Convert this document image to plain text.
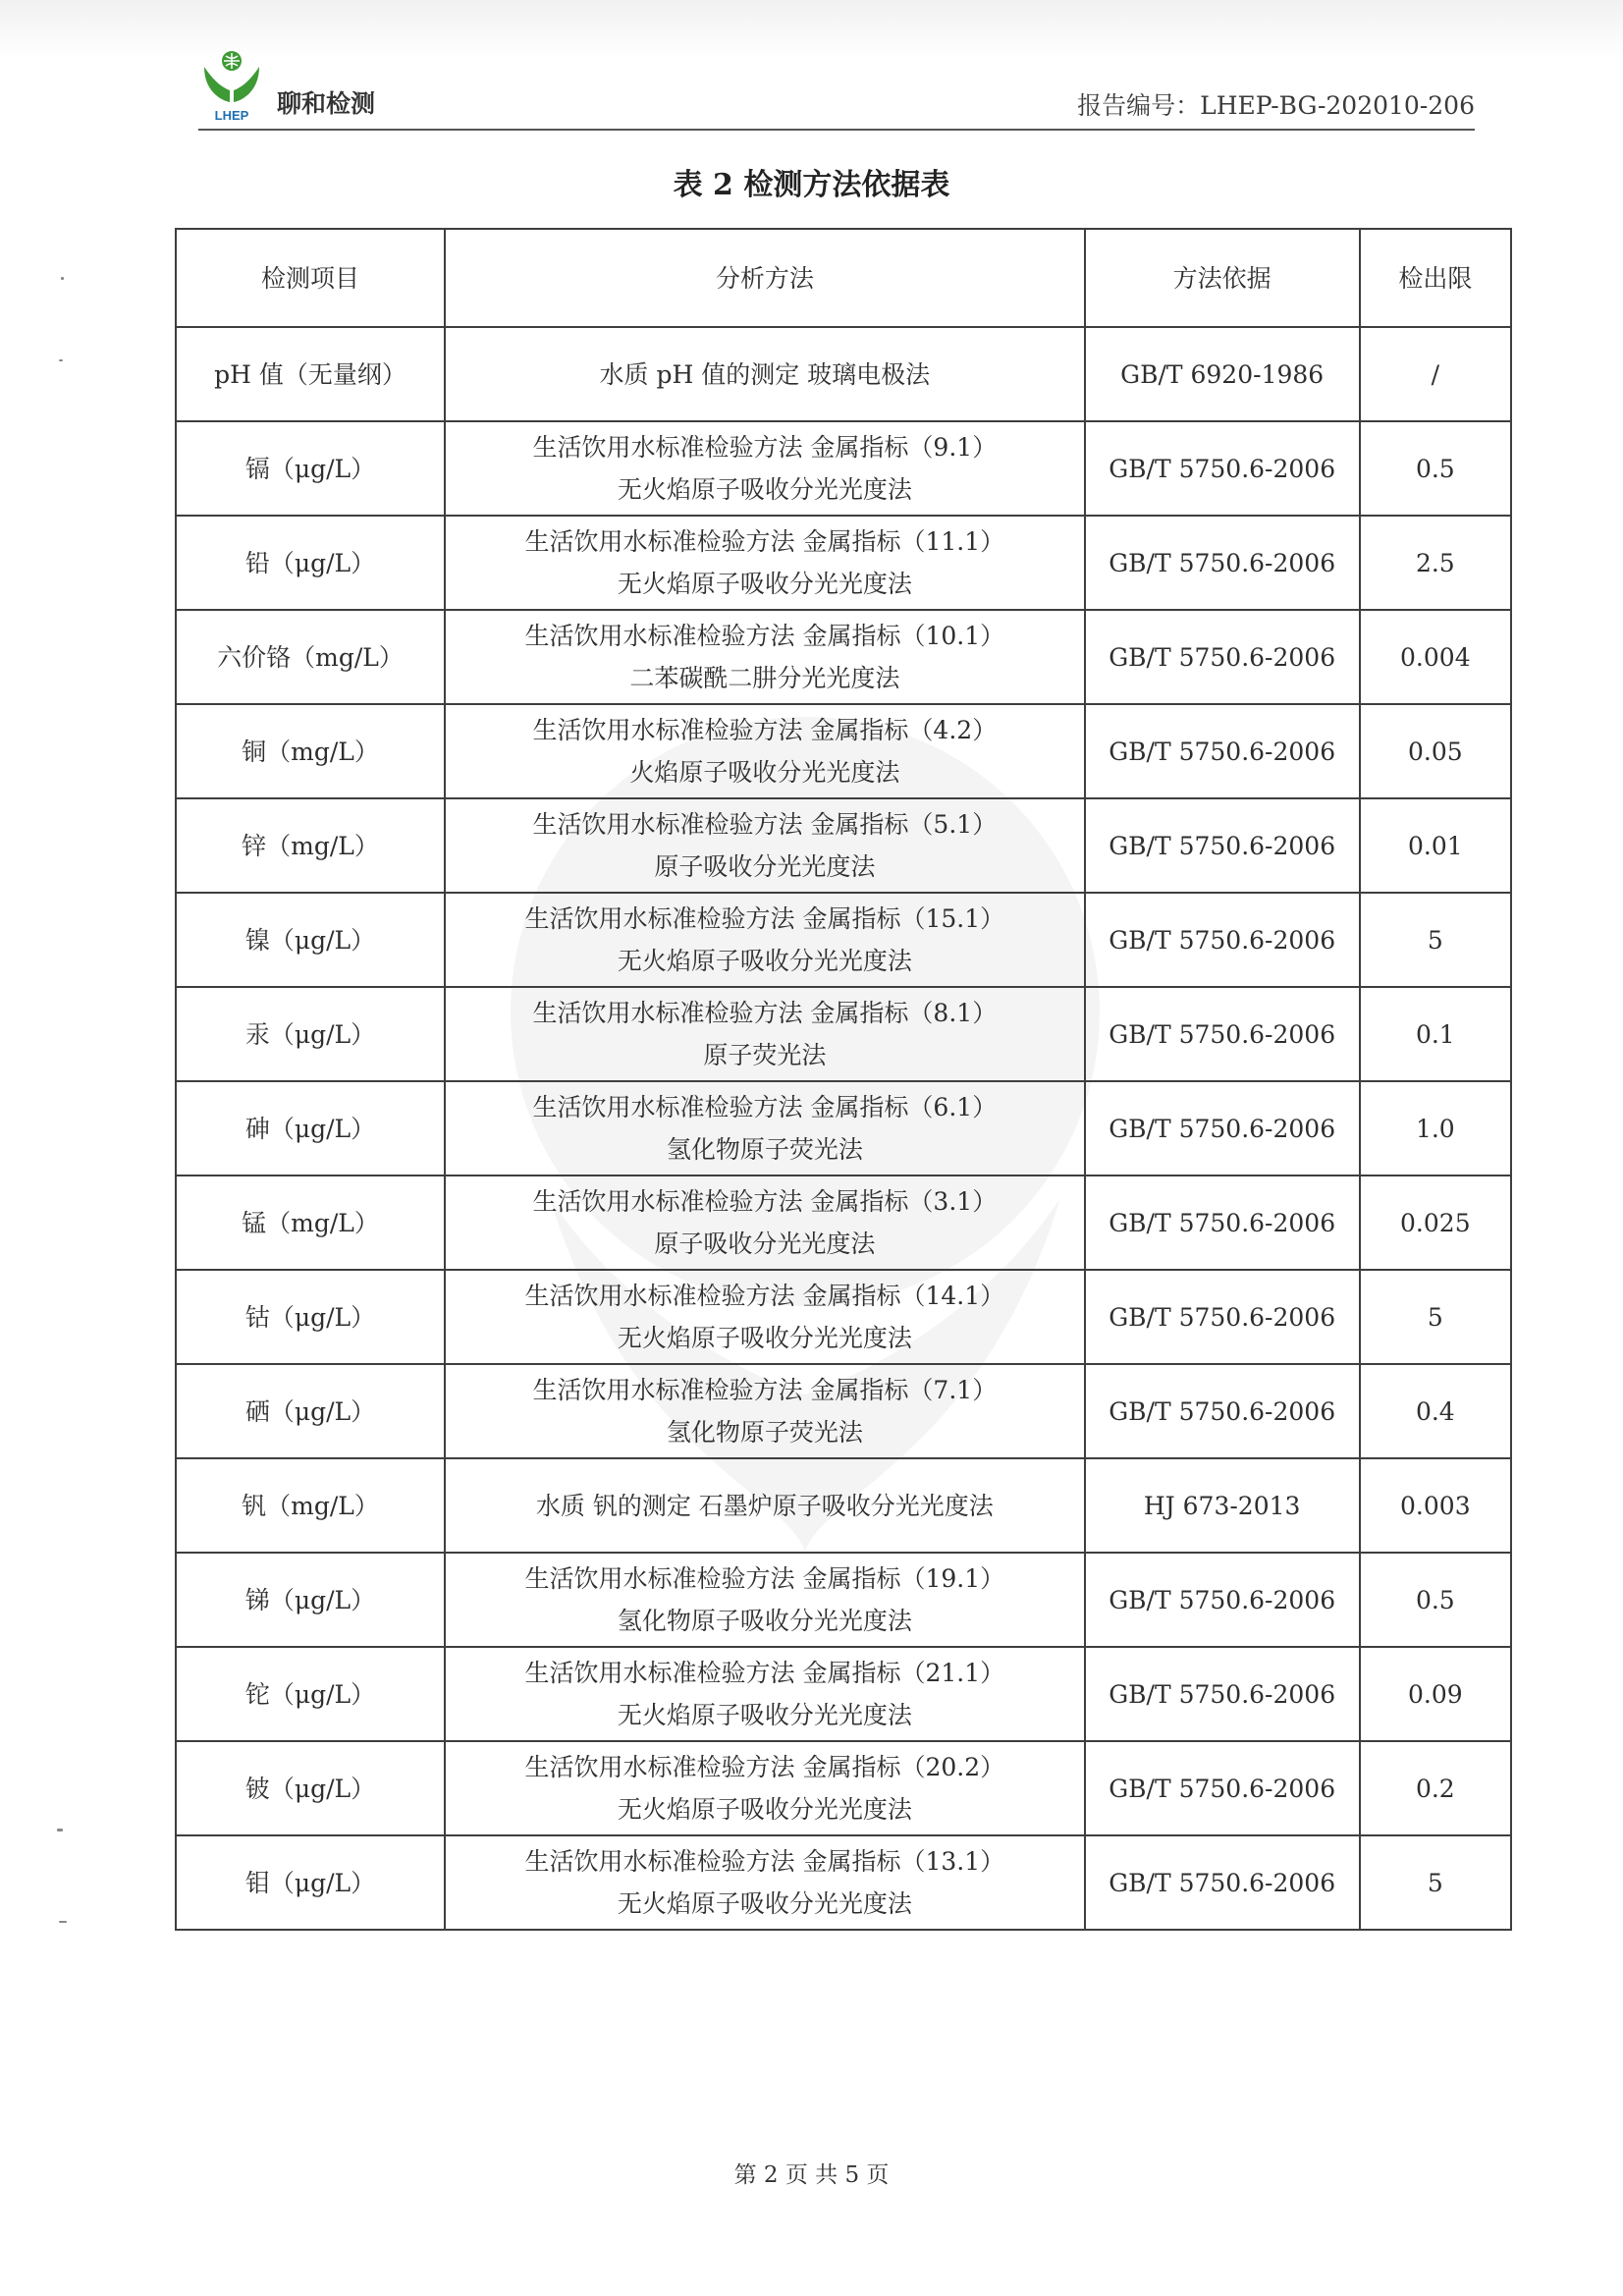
LHEP 聊和检测	报告编号：LHEP-BG-202010-206
表 2 检测方法依据表
检测项目	分析方法	方法依据	检出限
pH 值（无量纲）	水质 pH 值的测定 玻璃电极法	GB/T 6920-1986	/
镉（μg/L）	生活饮用水标准检验方法 金属指标（9.1）
无火焰原子吸收分光光度法	GB/T 5750.6-2006	0.5
铅（μg/L）	生活饮用水标准检验方法 金属指标（11.1）
无火焰原子吸收分光光度法	GB/T 5750.6-2006	2.5
六价铬（mg/L）	生活饮用水标准检验方法 金属指标（10.1）
二苯碳酰二肼分光光度法	GB/T 5750.6-2006	0.004
铜（mg/L）	生活饮用水标准检验方法 金属指标（4.2）
火焰原子吸收分光光度法	GB/T 5750.6-2006	0.05
锌（mg/L）	生活饮用水标准检验方法 金属指标（5.1）
原子吸收分光光度法	GB/T 5750.6-2006	0.01
镍（μg/L）	生活饮用水标准检验方法 金属指标（15.1）
无火焰原子吸收分光光度法	GB/T 5750.6-2006	5
汞（μg/L）	生活饮用水标准检验方法 金属指标（8.1）
原子荧光法	GB/T 5750.6-2006	0.1
砷（μg/L）	生活饮用水标准检验方法 金属指标（6.1）
氢化物原子荧光法	GB/T 5750.6-2006	1.0
锰（mg/L）	生活饮用水标准检验方法 金属指标（3.1）
原子吸收分光光度法	GB/T 5750.6-2006	0.025
钴（μg/L）	生活饮用水标准检验方法 金属指标（14.1）
无火焰原子吸收分光光度法	GB/T 5750.6-2006	5
硒（μg/L）	生活饮用水标准检验方法 金属指标（7.1）
氢化物原子荧光法	GB/T 5750.6-2006	0.4
钒（mg/L）	水质 钒的测定 石墨炉原子吸收分光光度法	HJ 673-2013	0.003
锑（μg/L）	生活饮用水标准检验方法 金属指标（19.1）
氢化物原子吸收分光光度法	GB/T 5750.6-2006	0.5
铊（μg/L）	生活饮用水标准检验方法 金属指标（21.1）
无火焰原子吸收分光光度法	GB/T 5750.6-2006	0.09
铍（μg/L）	生活饮用水标准检验方法 金属指标（20.2）
无火焰原子吸收分光光度法	GB/T 5750.6-2006	0.2
钼（μg/L）	生活饮用水标准检验方法 金属指标（13.1）
无火焰原子吸收分光光度法	GB/T 5750.6-2006	5
第 2 页 共 5 页
